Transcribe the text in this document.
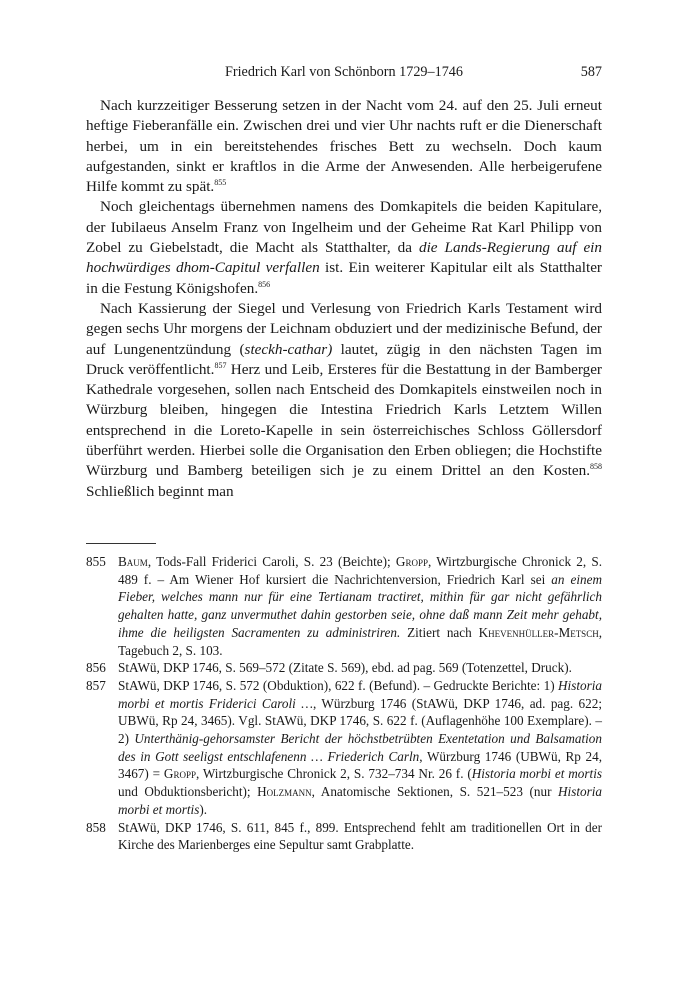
Friedrich Karl von Schönborn 1729–1746	587

Nach kurzzeitiger Besserung setzen in der Nacht vom 24. auf den 25. Juli erneut heftige Fieberanfälle ein. Zwischen drei und vier Uhr nachts ruft er die Dienerschaft herbei, um in ein bereitstehendes frisches Bett zu wechseln. Doch kaum aufgestanden, sinkt er kraftlos in die Arme der Anwesenden. Alle herbeigerufene Hilfe kommt zu spät.$^{855}$

Noch gleichentags übernehmen namens des Domkapitels die beiden Kapitulare, der Iubilaeus Anselm Franz von Ingelheim und der Geheime Rat Karl Philipp von Zobel zu Giebelstadt, die Macht als Statthalter, da die Lands-Regierung auf ein hochwürdiges dhom-Capitul verfallen ist. Ein weiterer Kapitular eilt als Statthalter in die Festung Königshofen.$^{856}$

Nach Kassierung der Siegel und Verlesung von Friedrich Karls Testament wird gegen sechs Uhr morgens der Leichnam obduziert und der medizinische Befund, der auf Lungenentzündung (steckh-cathar) lautet, zügig in den nächsten Tagen im Druck veröffentlicht.$^{857}$ Herz und Leib, Ersteres für die Bestattung in der Bamberger Kathedrale vorgesehen, sollen nach Entscheid des Domkapitels einstweilen noch in Würzburg bleiben, hingegen die Intestina Friedrich Karls Letztem Willen entsprechend in die Loreto-Kapelle in sein österreichisches Schloss Göllersdorf überführt werden. Hierbei solle die Organisation den Erben obliegen; die Hochstifte Würzburg und Bamberg beteiligen sich je zu einem Drittel an den Kosten.$^{858}$ Schließlich beginnt man

855 Baum, Tods-Fall Friderici Caroli, S. 23 (Beichte); Gropp, Wirtzburgische Chronick 2, S. 489 f. – Am Wiener Hof kursiert die Nachrichtenversion, Friedrich Karl sei an einem Fieber, welches mann nur für eine Tertianam tractiret, mithin für gar nicht gefährlich gehalten hatte, ganz unvermuthet dahin gestorben seie, ohne daß mann Zeit mehr gehabt, ihme die heiligsten Sacramenten zu administriren. Zitiert nach Khevenhüller-Metsch, Tagebuch 2, S. 103.
856 StAWü, DKP 1746, S. 569–572 (Zitate S. 569), ebd. ad pag. 569 (Totenzettel, Druck).
857 StAWü, DKP 1746, S. 572 (Obduktion), 622 f. (Befund). – Gedruckte Berichte: 1) Historia morbi et mortis Friderici Caroli …, Würzburg 1746 (StAWü, DKP 1746, ad. pag. 622; UBWü, Rp 24, 3465). Vgl. StAWü, DKP 1746, S. 622 f. (Auflagenhöhe 100 Exemplare). – 2) Unterthänig-gehorsamster Bericht der höchstbetrübten Exentetation und Balsamation des in Gott seeligst entschlafenenn … Friederich Carln, Würzburg 1746 (UBWü, Rp 24, 3467) = Gropp, Wirtzburgische Chronick 2, S. 732–734 Nr. 26 f. (Historia morbi et mortis und Obduktionsbericht); Holzmann, Anatomische Sektionen, S. 521–523 (nur Historia morbi et mortis).
858 StAWü, DKP 1746, S. 611, 845 f., 899. Entsprechend fehlt am traditionellen Ort in der Kirche des Marienberges eine Sepultur samt Grabplatte.
